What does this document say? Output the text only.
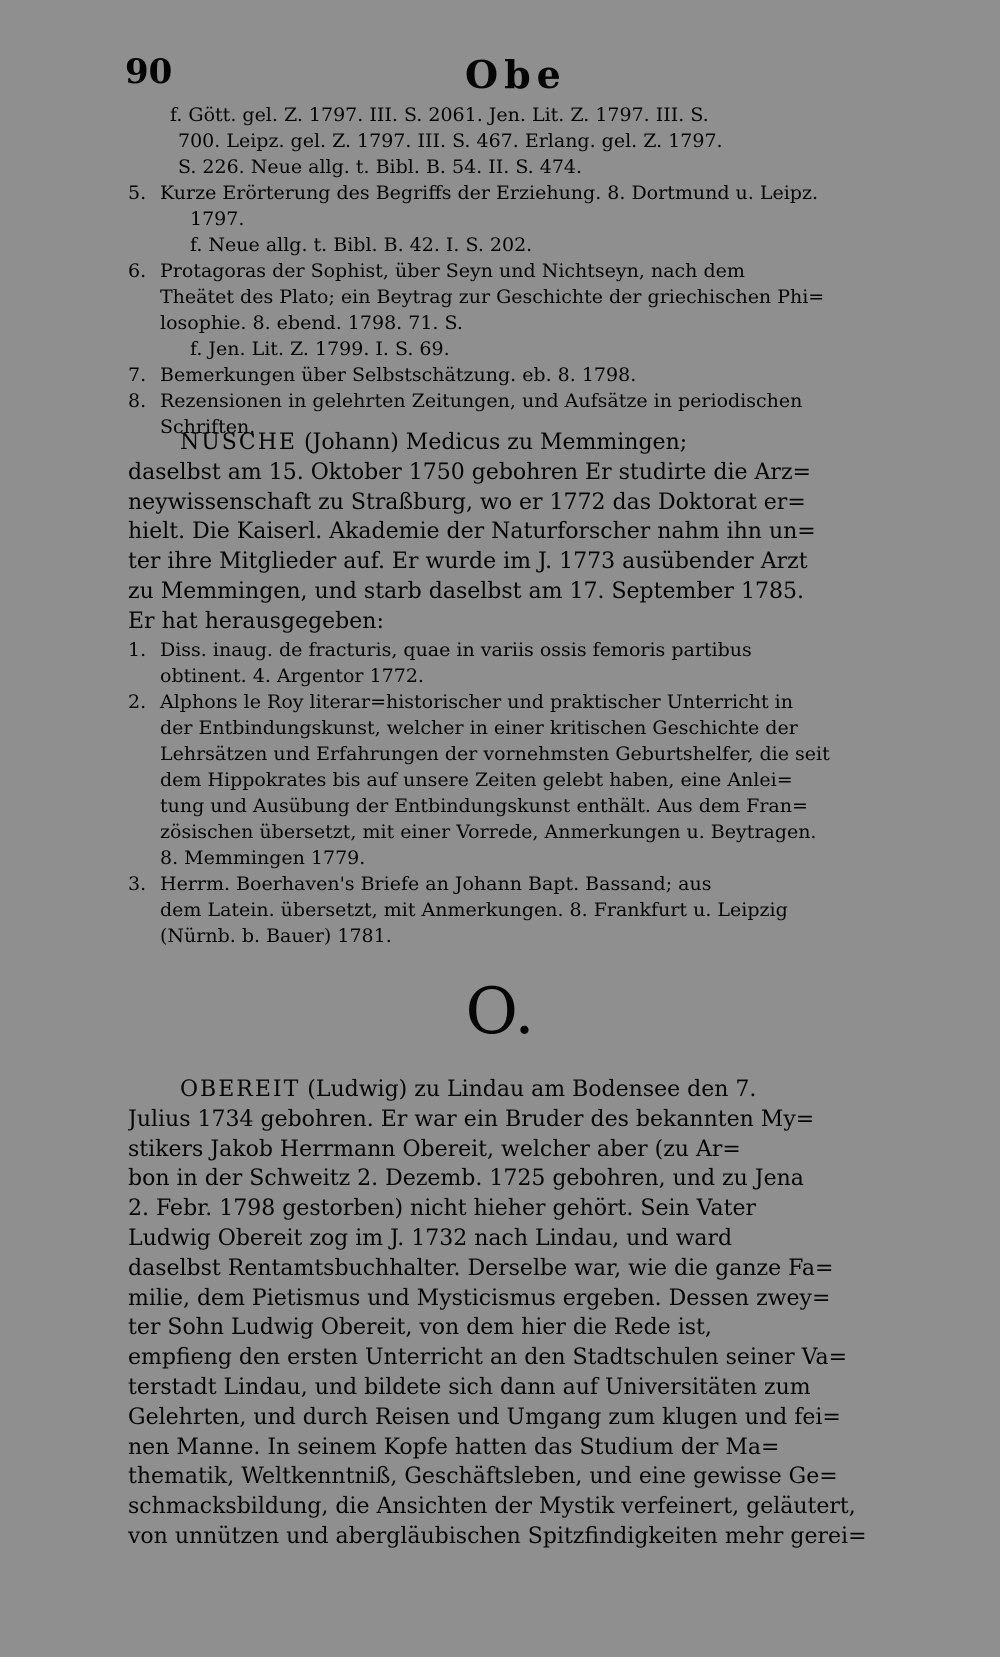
90	Obe
f. Gött. gel. Z. 1797. III. S. 2061. Jen. Lit. Z. 1797. III. S.
700. Leipz. gel. Z. 1797. III. S. 467. Erlang. gel. Z. 1797.
S. 226. Neue allg. t. Bibl. B. 54. II. S. 474.
5. Kurze Erörterung des Begriffs der Erziehung. 8. Dortmund u. Leipz.
1797.
f. Neue allg. t. Bibl. B. 42. I. S. 202.
6. Protagoras der Sophist, über Seyn und Nichtseyn, nach dem
Theätet des Plato; ein Beytrag zur Geschichte der griechischen Phi=
losophie. 8. ebend. 1798. 71. S.
f. Jen. Lit. Z. 1799. I. S. 69.
7. Bemerkungen über Selbstschätzung. eb. 8. 1798.
8. Rezensionen in gelehrten Zeitungen, und Aufsätze in periodischen
Schriften.
NUSCHE (Johann) Medicus zu Memmingen;
daselbst am 15. Oktober 1750 gebohren Er studirte die Arz=
neywissenschaft zu Straßburg, wo er 1772 das Doktorat er=
hielt. Die Kaiserl. Akademie der Naturforscher nahm ihn un=
ter ihre Mitglieder auf. Er wurde im J. 1773 ausübender Arzt
zu Memmingen, und starb daselbst am 17. September 1785.
Er hat herausgegeben:
1. Diss. inaug. de fracturis, quae in variis ossis femoris partibus
obtinent. 4. Argentor 1772.
2. Alphons le Roy literar=historischer und praktischer Unterricht in
der Entbindungskunst, welcher in einer kritischen Geschichte der
Lehrsätzen und Erfahrungen der vornehmsten Geburtshelfer, die seit
dem Hippokrates bis auf unsere Zeiten gelebt haben, eine Anlei=
tung und Ausübung der Entbindungskunst enthält. Aus dem Fran=
zösischen übersetzt, mit einer Vorrede, Anmerkungen u. Beytragen.
8. Memmingen 1779.
3. Herrm. Boerhaven's Briefe an Johann Bapt. Bassand; aus
dem Latein. übersetzt, mit Anmerkungen. 8. Frankfurt u. Leipzig
(Nürnb. b. Bauer) 1781.
O.
OBEREIT (Ludwig) zu Lindau am Bodensee den 7.
Julius 1734 gebohren. Er war ein Bruder des bekannten My=
stikers Jakob Herrmann Obereit, welcher aber (zu Ar=
bon in der Schweitz 2. Dezemb. 1725 gebohren, und zu Jena
2. Febr. 1798 gestorben) nicht hieher gehört. Sein Vater
Ludwig Obereit zog im J. 1732 nach Lindau, und ward
daselbst Rentamtsbuchhalter. Derselbe war, wie die ganze Fa=
milie, dem Pietismus und Mysticismus ergeben. Dessen zwey=
ter Sohn Ludwig Obereit, von dem hier die Rede ist,
empfieng den ersten Unterricht an den Stadtschulen seiner Va=
terstadt Lindau, und bildete sich dann auf Universitäten zum
Gelehrten, und durch Reisen und Umgang zum klugen und fei=
nen Manne. In seinem Kopfe hatten das Studium der Ma=
thematik, Weltkenntniß, Geschäftsleben, und eine gewisse Ge=
schmacksbildung, die Ansichten der Mystik verfeinert, geläutert,
von unnützen und abergläubischen Spitzfindigkeiten mehr gerei=
